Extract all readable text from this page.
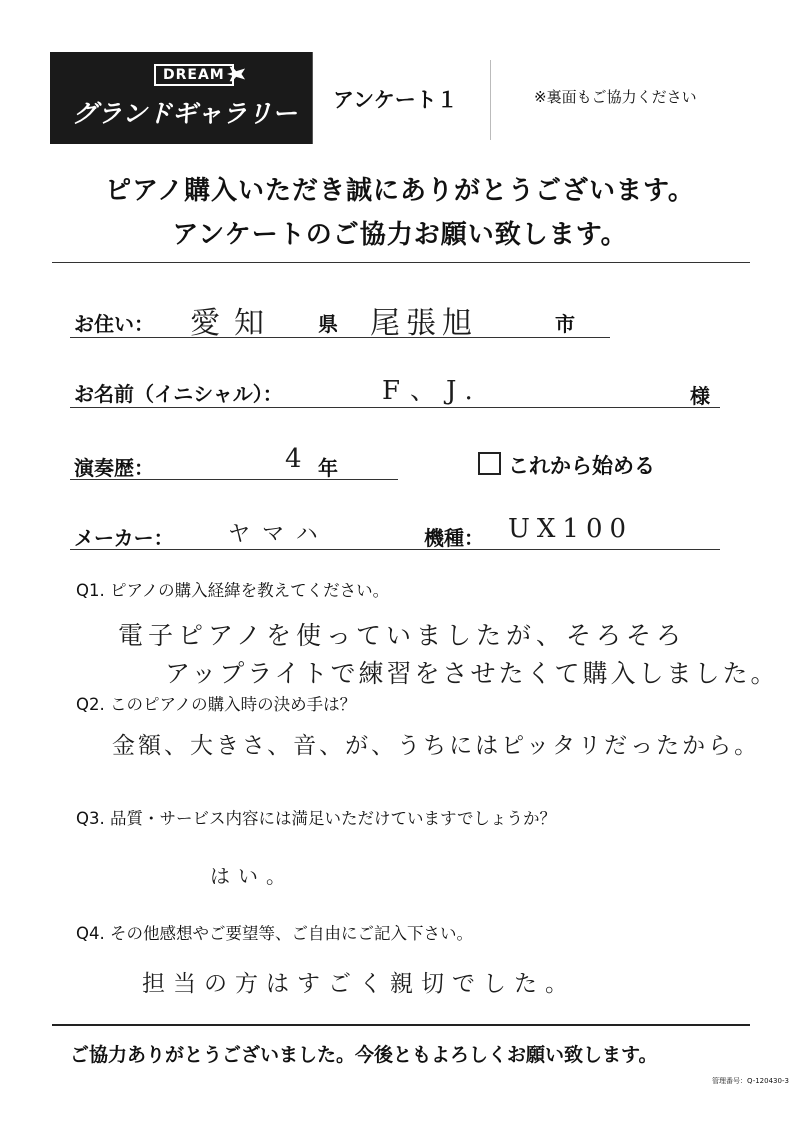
DREAM
グランドギャラリー アンケート１	※裏面もご協力ください
ピアノ購入いただき誠にありがとうございます。
アンケートのご協力お願い致します。
お住い： 愛知 県 尾張旭	市
お名前（イニシャル）：	F、J.	様
演奏歴：	4 年	これから始める
メーカー： ヤマハ	機種： UX100
Q1. ピアノの購入経緯を教えてください。
電子ピアノを使っていましたが、そろそろ
アップライトで練習をさせたくて購入しました。
Q2. このピアノの購入時の決め手は？
金額、大きさ、音、が、うちにはピッタリだったから。
Q3. 品質・サービス内容には満足いただけていますでしょうか？
はい。
Q4. その他感想やご要望等、ご自由にご記入下さい。
担当の方はすごく親切でした。
ご協力ありがとうございました。今後ともよろしくお願い致します。
管理番号：Q-120430-3
